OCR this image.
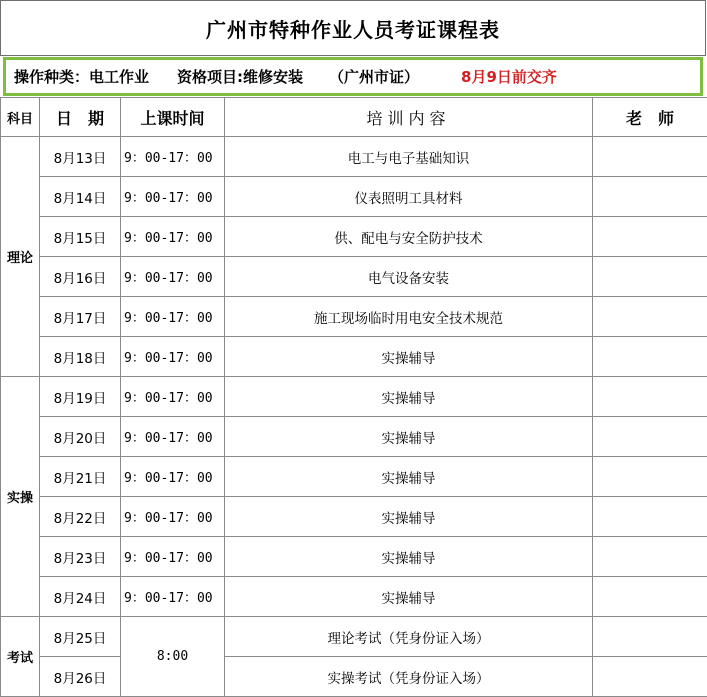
广州市特种作业人员考证课程表
操作种类：电工作业 资格项目:维修安装 （广州市证）	8月9日前交齐
科目	日　期	上课时间	培训内容	老　师
理论	8月13日	9：00-17：00	电工与电子基础知识	
	8月14日	9：00-17：00	仪表照明工具材料	
	8月15日	9：00-17：00	供、配电与安全防护技术	
	8月16日	9：00-17：00	电气设备安装	
	8月17日	9：00-17：00	施工现场临时用电安全技术规范	
	8月18日	9：00-17：00	实操辅导	
实操	8月19日	9：00-17：00	实操辅导	
	8月20日	9：00-17：00	实操辅导	
	8月21日	9：00-17：00	实操辅导	
	8月22日	9：00-17：00	实操辅导	
	8月23日	9：00-17：00	实操辅导	
	8月24日	9：00-17：00	实操辅导	
考试	8月25日	8:00	理论考试（凭身份证入场）	
	8月26日		实操考试（凭身份证入场）	
